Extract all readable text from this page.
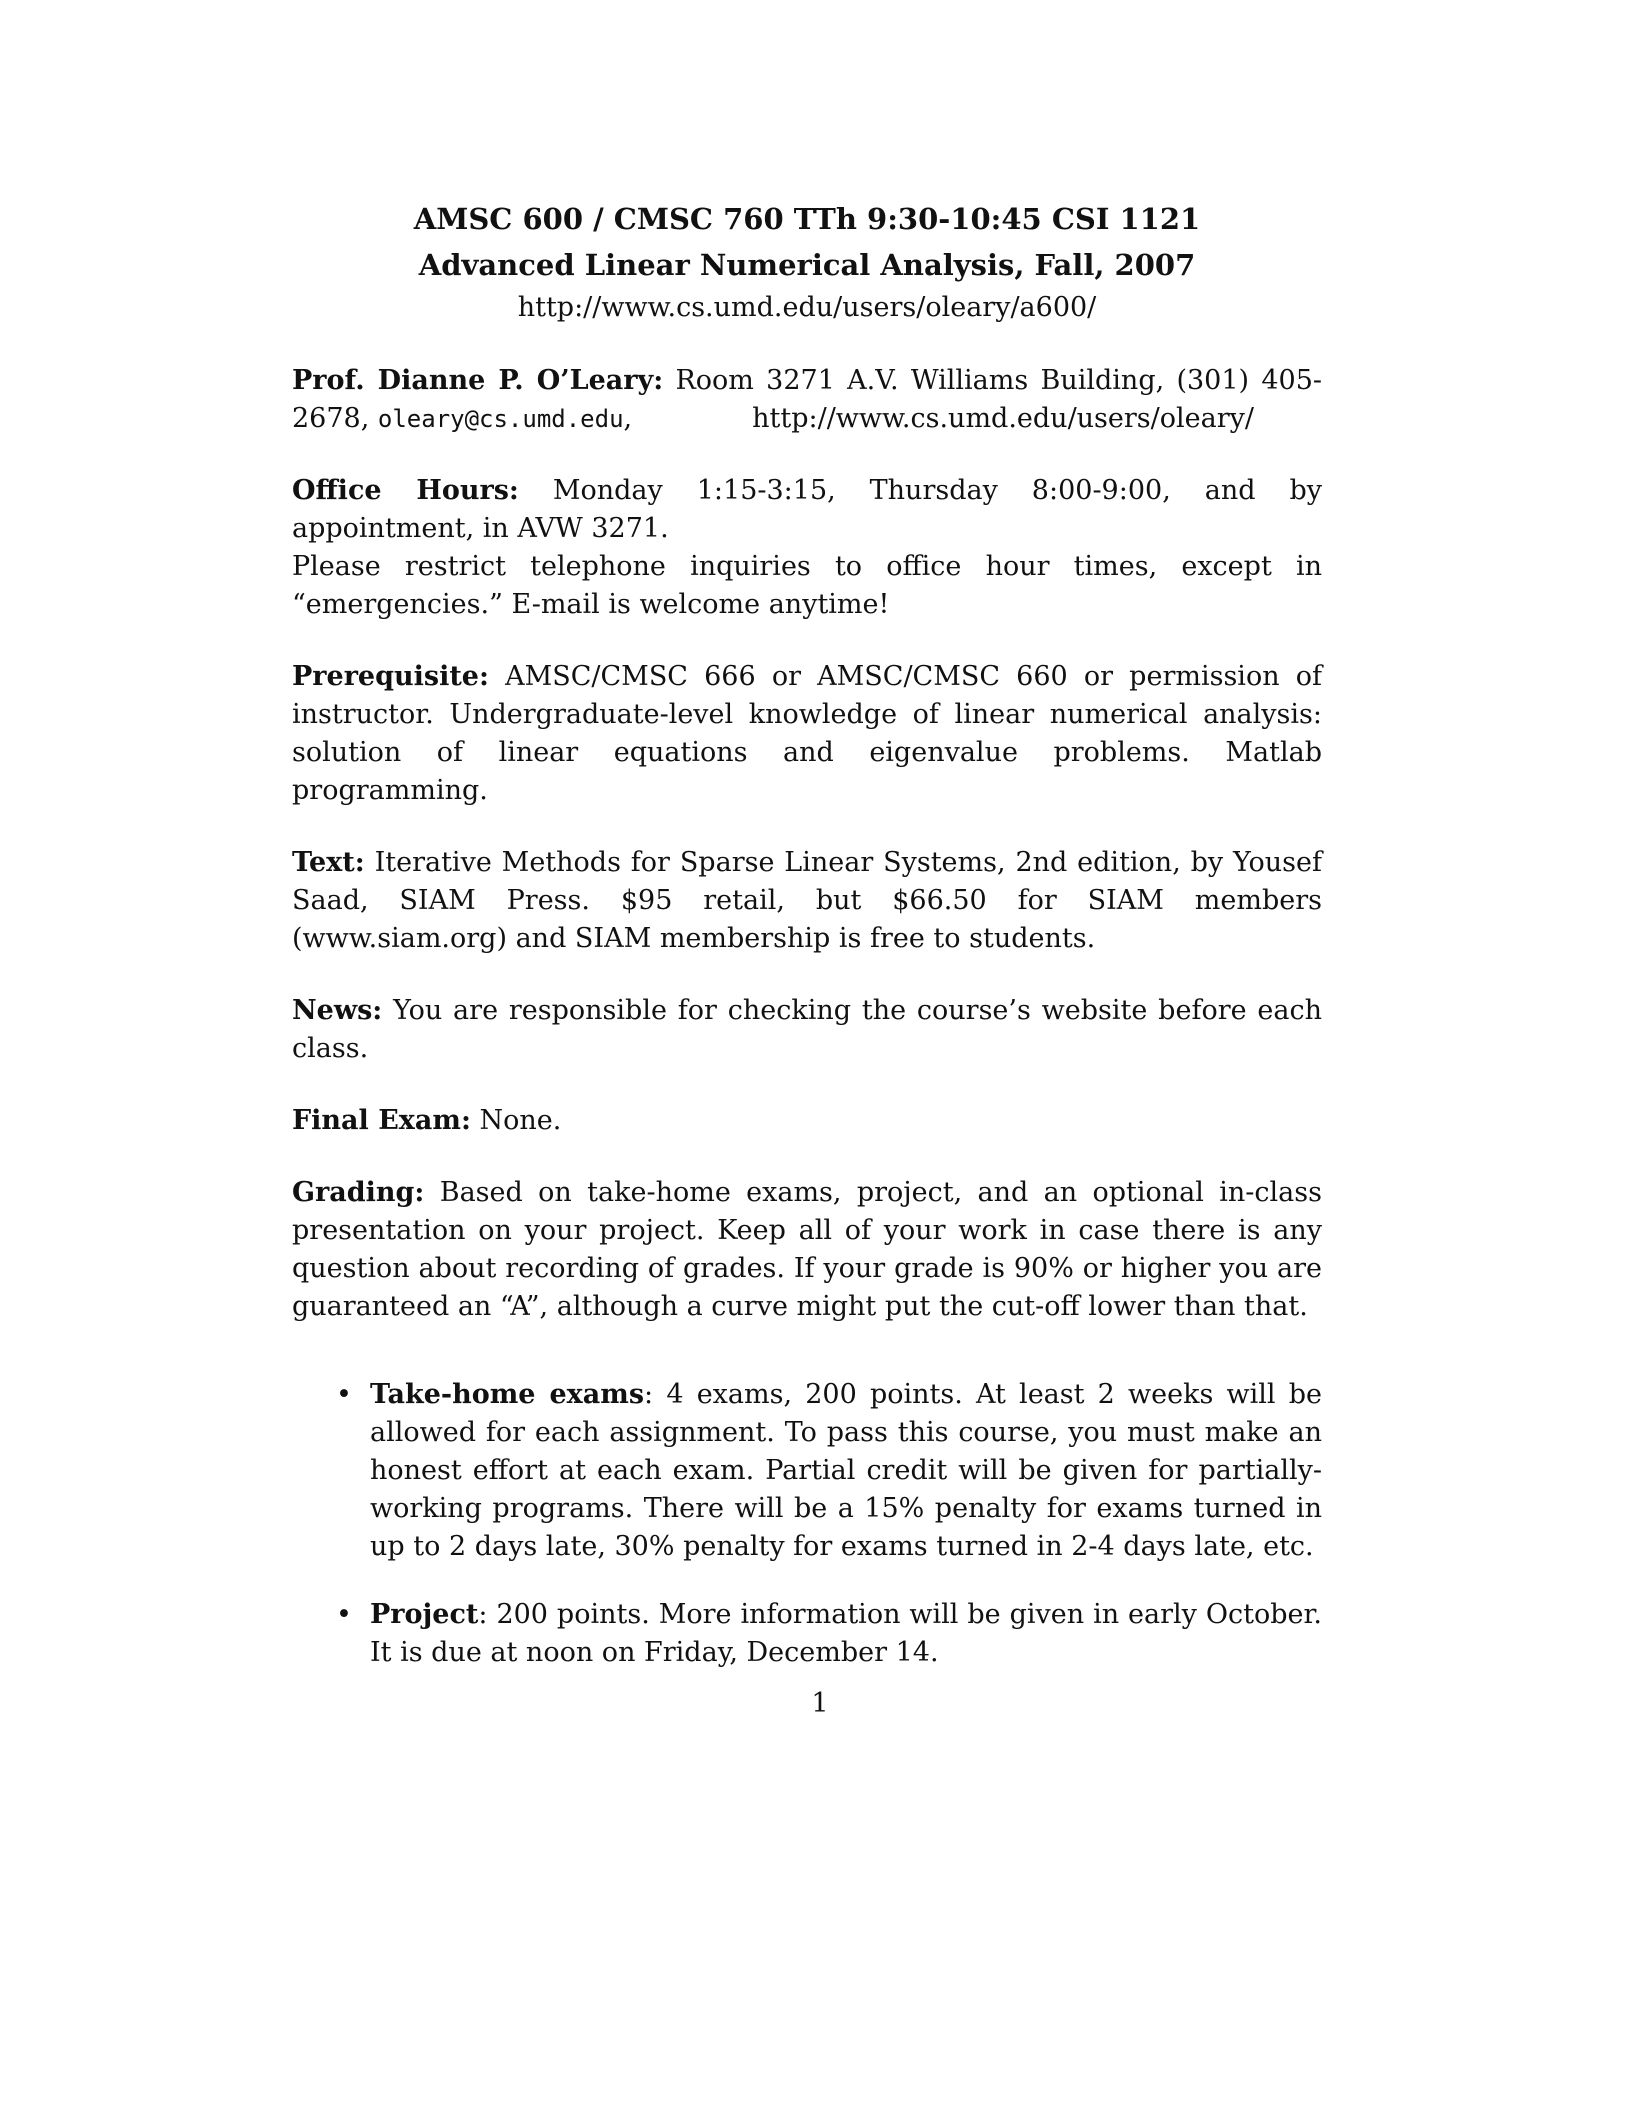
AMSC 600 / CMSC 760 TTh 9:30-10:45 CSI 1121
Advanced Linear Numerical Analysis, Fall, 2007
http://www.cs.umd.edu/users/oleary/a600/
Prof. Dianne P. O’Leary: Room 3271 A.V. Williams Building, (301) 405-2678, oleary@cs.umd.edu,	http://www.cs.umd.edu/users/oleary/
Office Hours: Monday 1:15-3:15, Thursday 8:00-9:00, and by appointment, in AVW 3271.
Please restrict telephone inquiries to office hour times, except in “emergencies.” E-mail is welcome anytime!
Prerequisite: AMSC/CMSC 666 or AMSC/CMSC 660 or permission of instructor. Undergraduate-level knowledge of linear numerical analysis: solution of linear equations and eigenvalue problems. Matlab programming.
Text: Iterative Methods for Sparse Linear Systems, 2nd edition, by Yousef Saad, SIAM Press. $95 retail, but $66.50 for SIAM members (www.siam.org) and SIAM membership is free to students.
News: You are responsible for checking the course’s website before each class.
Final Exam: None.
Grading: Based on take-home exams, project, and an optional in-class presentation on your project. Keep all of your work in case there is any question about recording of grades. If your grade is 90% or higher you are guaranteed an “A”, although a curve might put the cut-off lower than that.
• Take-home exams: 4 exams, 200 points. At least 2 weeks will be allowed for each assignment. To pass this course, you must make an honest effort at each exam. Partial credit will be given for partially-working programs. There will be a 15% penalty for exams turned in up to 2 days late, 30% penalty for exams turned in 2-4 days late, etc.
• Project: 200 points. More information will be given in early October. It is due at noon on Friday, December 14.
1
